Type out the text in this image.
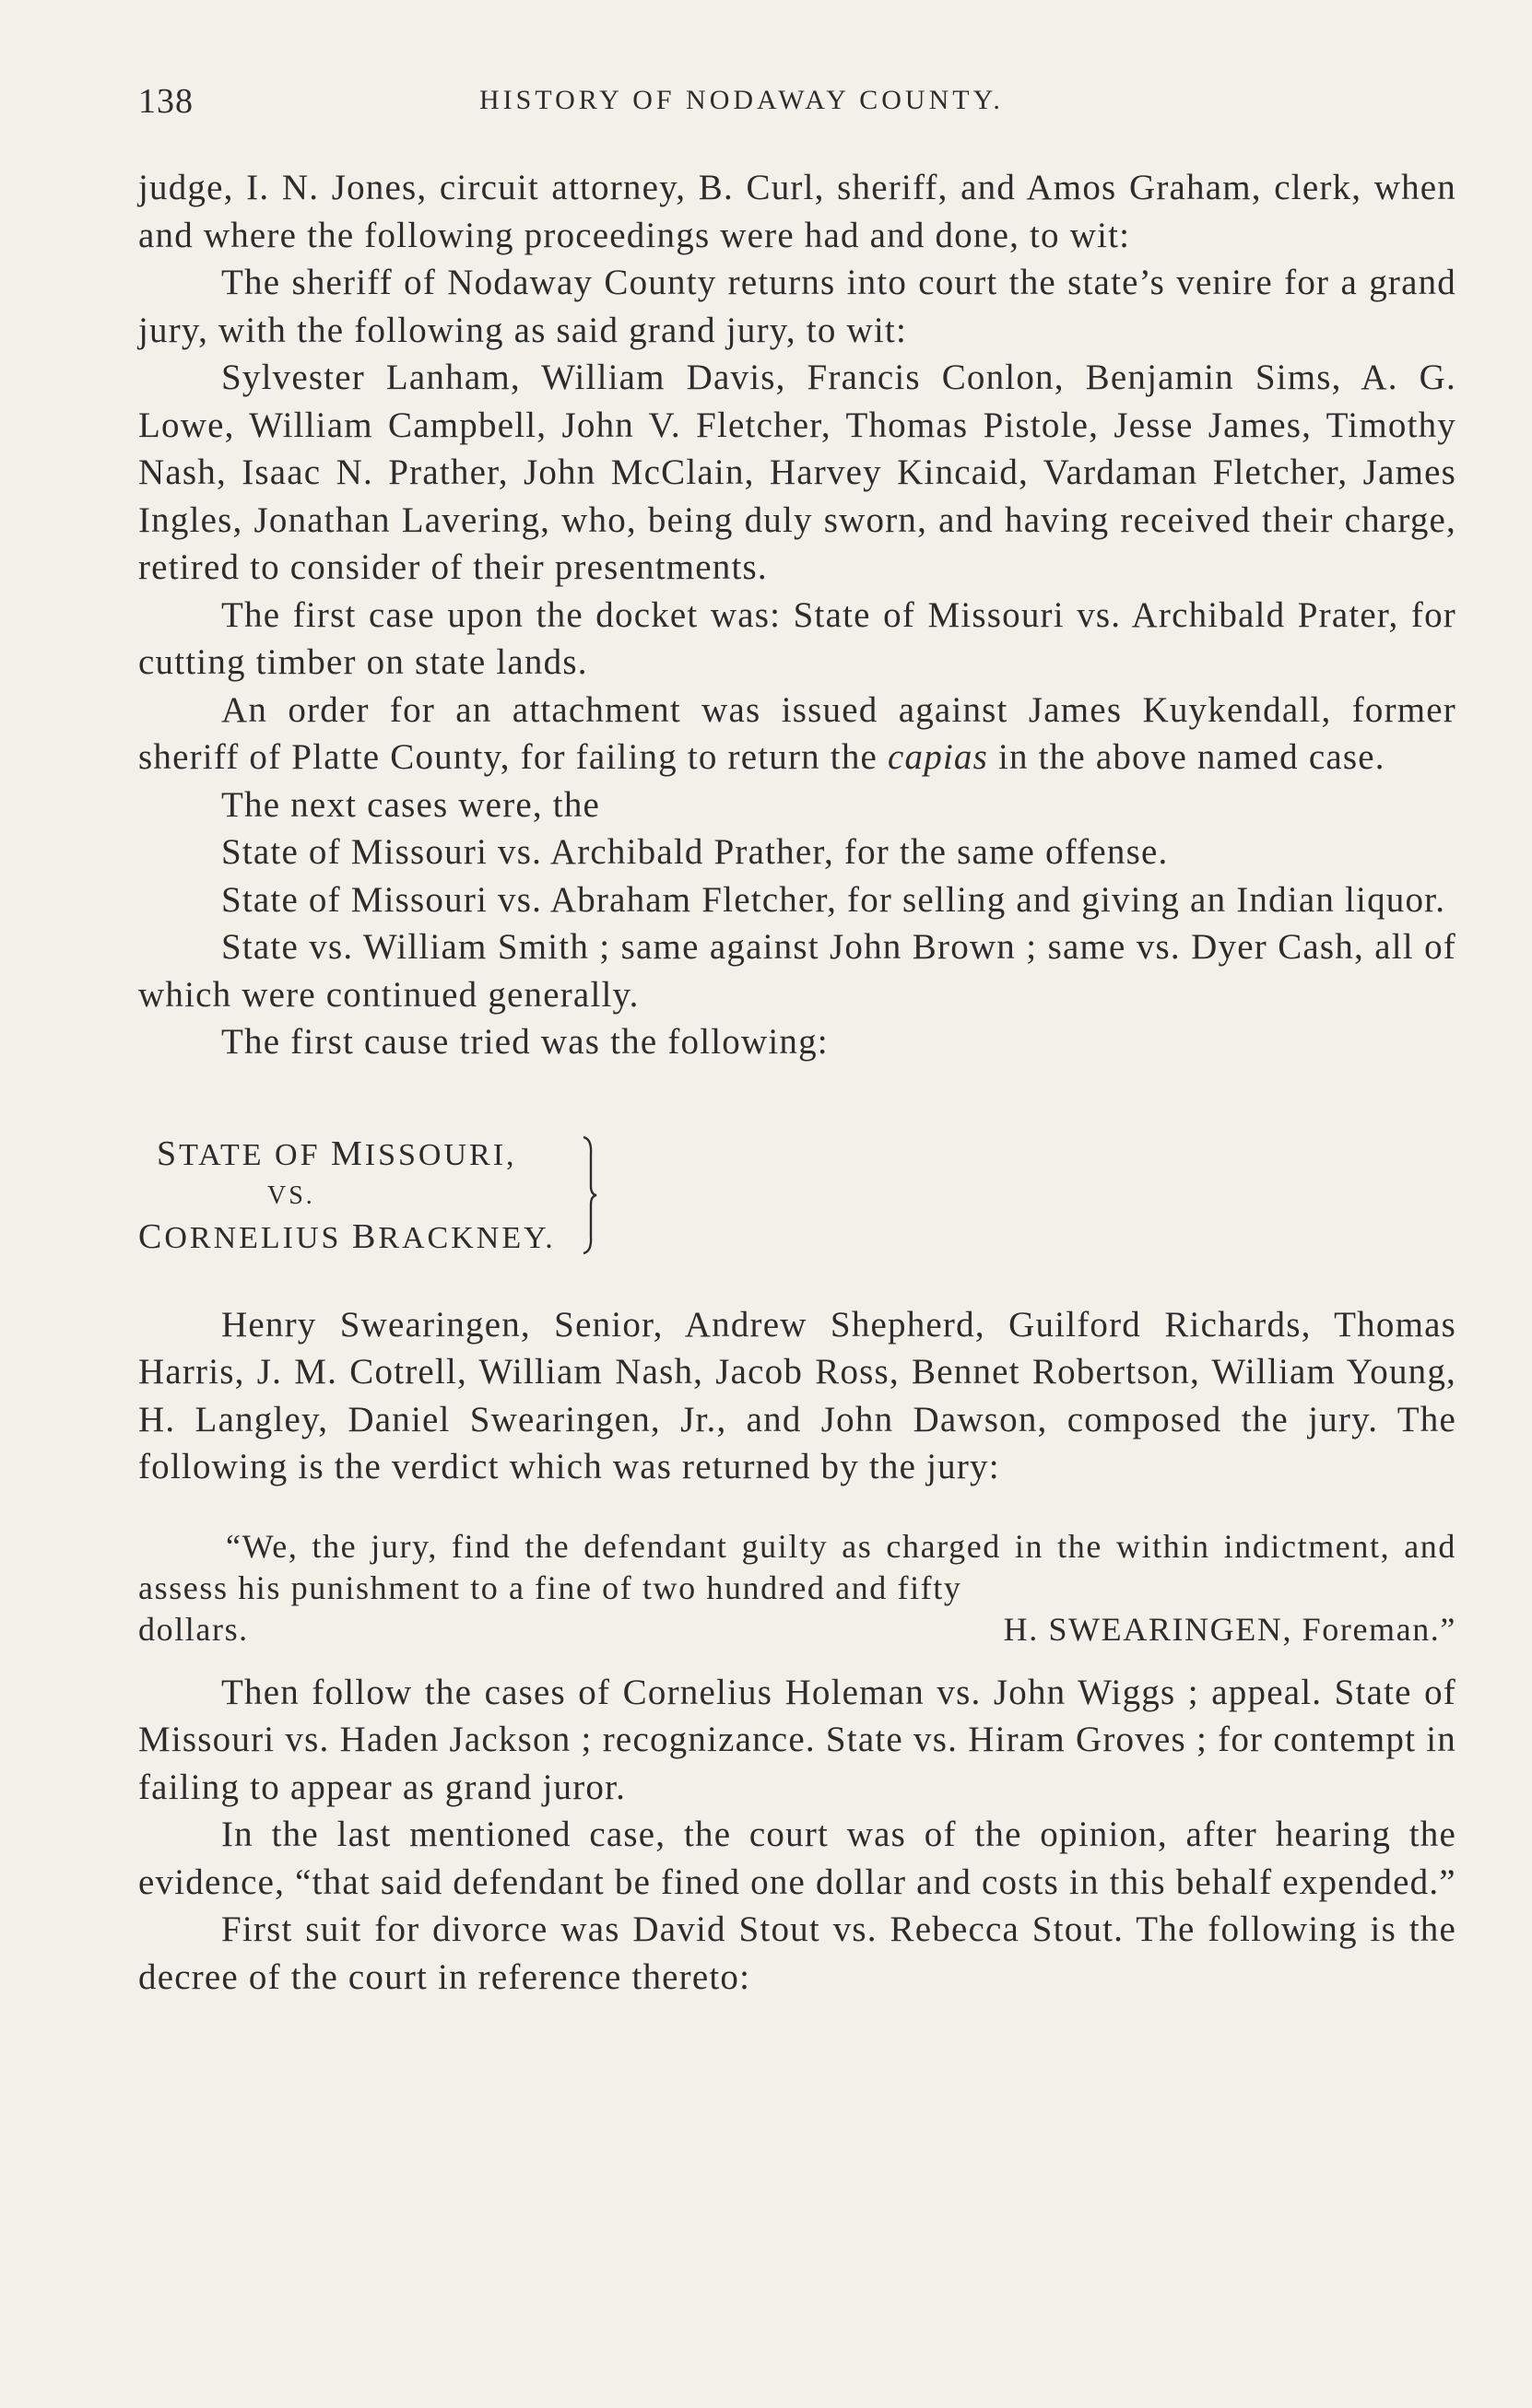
138	HISTORY OF NODAWAY COUNTY.

judge, I. N. Jones, circuit attorney, B. Curl, sheriff, and Amos Graham, clerk, when and where the following proceedings were had and done, to wit:

The sheriff of Nodaway County returns into court the state’s venire for a grand jury, with the following as said grand jury, to wit:

Sylvester Lanham, William Davis, Francis Conlon, Benjamin Sims, A. G. Lowe, William Campbell, John V. Fletcher, Thomas Pistole, Jesse James, Timothy Nash, Isaac N. Prather, John McClain, Harvey Kincaid, Vardaman Fletcher, James Ingles, Jonathan Lavering, who, being duly sworn, and having received their charge, retired to consider of their presentments.

The first case upon the docket was: State of Missouri vs. Archibald Prater, for cutting timber on state lands.

An order for an attachment was issued against James Kuykendall, former sheriff of Platte County, for failing to return the capias in the above named case.

The next cases were, the

State of Missouri vs. Archibald Prather, for the same offense.

State of Missouri vs. Abraham Fletcher, for selling and giving an Indian liquor.

State vs. William Smith ; same against John Brown ; same vs. Dyer Cash, all of which were continued generally.

The first cause tried was the following:

STATE OF MISSOURI,
VS.
CORNELIUS BRACKNEY.

Henry Swearingen, Senior, Andrew Shepherd, Guilford Richards, Thomas Harris, J. M. Cotrell, William Nash, Jacob Ross, Bennet Robertson, William Young, H. Langley, Daniel Swearingen, Jr., and John Dawson, composed the jury. The following is the verdict which was returned by the jury:

“We, the jury, find the defendant guilty as charged in the within indictment, and assess his punishment to a fine of two hundred and fifty
dollars.	H. SWEARINGEN, Foreman.”

Then follow the cases of Cornelius Holeman vs. John Wiggs ; appeal. State of Missouri vs. Haden Jackson ; recognizance. State vs. Hiram Groves ; for contempt in failing to appear as grand juror.

In the last mentioned case, the court was of the opinion, after hearing the evidence, “that said defendant be fined one dollar and costs in this behalf expended.”

First suit for divorce was David Stout vs. Rebecca Stout. The following is the decree of the court in reference thereto:
